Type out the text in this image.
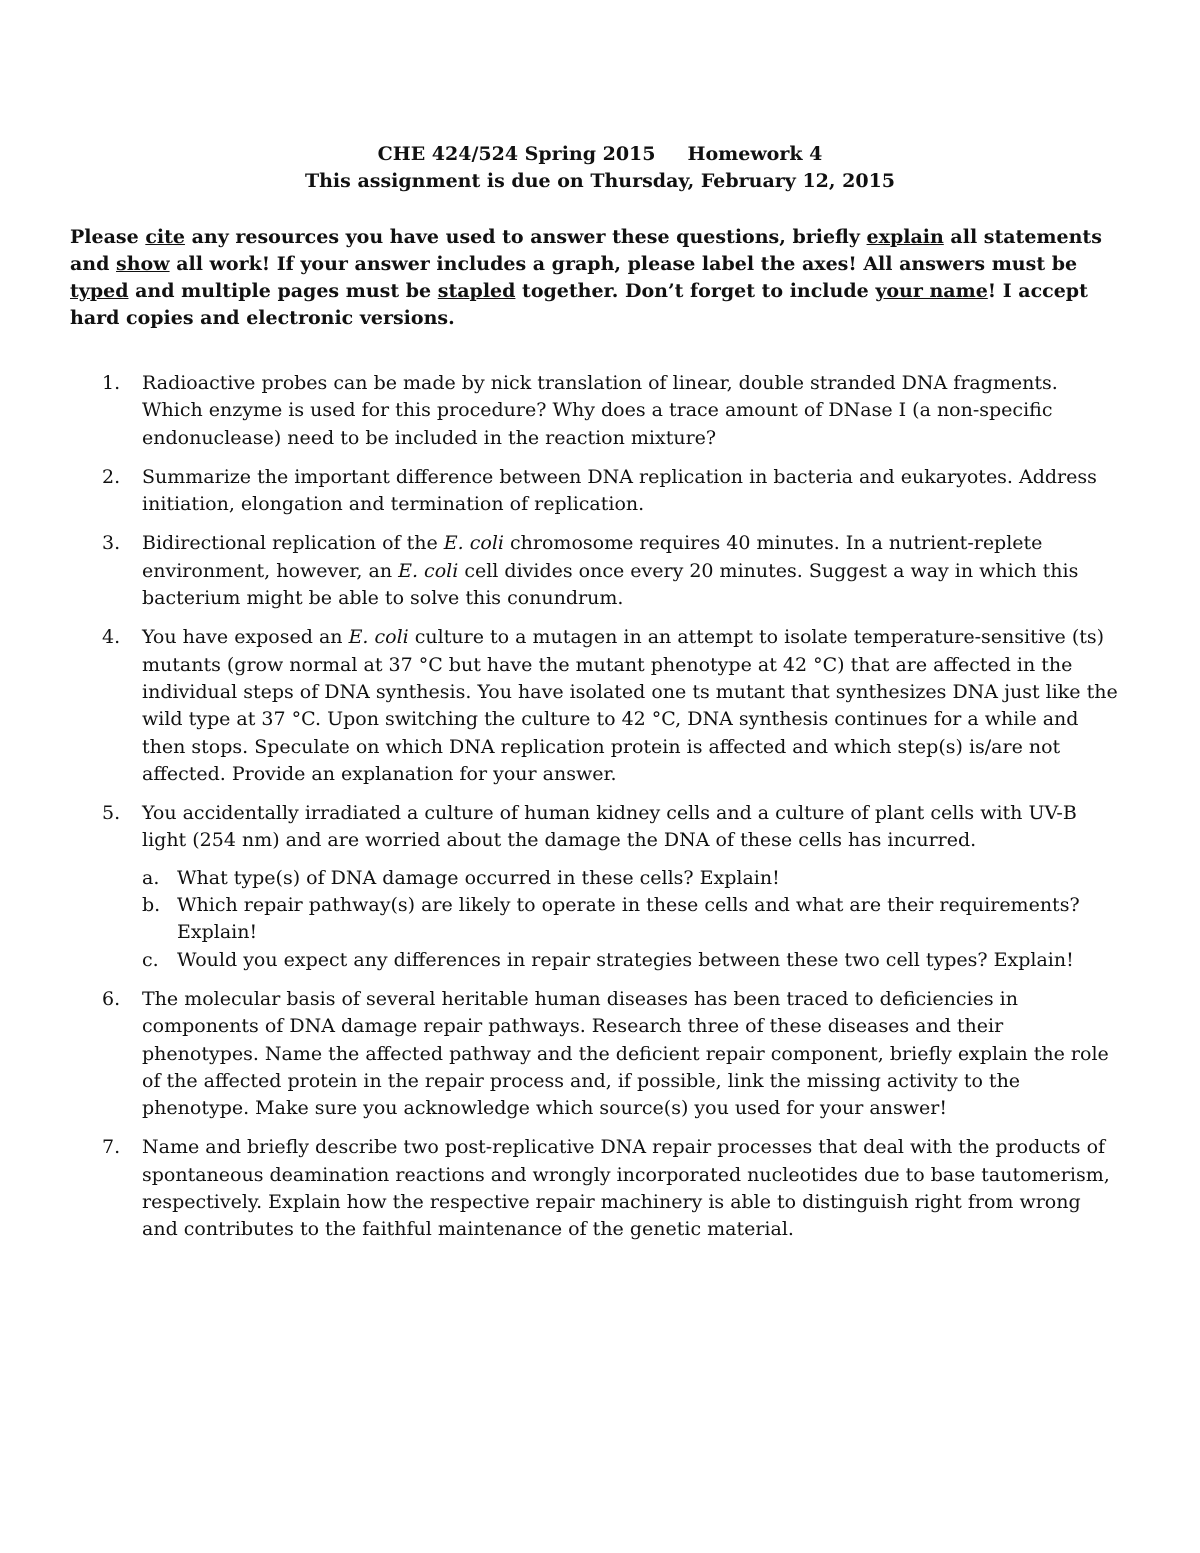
CHE 424/524 Spring 2015 Homework 4
This assignment is due on Thursday, February 12, 2015
Please cite any resources you have used to answer these questions, briefly explain all statements and show all work! If your answer includes a graph, please label the axes! All answers must be typed and multiple pages must be stapled together. Don’t forget to include your name! I accept hard copies and electronic versions.
1. Radioactive probes can be made by nick translation of linear, double stranded DNA fragments. Which enzyme is used for this procedure? Why does a trace amount of DNase I (a non-specific endonuclease) need to be included in the reaction mixture?
2. Summarize the important difference between DNA replication in bacteria and eukaryotes. Address initiation, elongation and termination of replication.
3. Bidirectional replication of the E. coli chromosome requires 40 minutes. In a nutrient-replete environment, however, an E. coli cell divides once every 20 minutes. Suggest a way in which this bacterium might be able to solve this conundrum.
4. You have exposed an E. coli culture to a mutagen in an attempt to isolate temperature-sensitive (ts) mutants (grow normal at 37 °C but have the mutant phenotype at 42 °C) that are affected in the individual steps of DNA synthesis. You have isolated one ts mutant that synthesizes DNA just like the wild type at 37 °C. Upon switching the culture to 42 °C, DNA synthesis continues for a while and then stops. Speculate on which DNA replication protein is affected and which step(s) is/are not affected. Provide an explanation for your answer.
5. You accidentally irradiated a culture of human kidney cells and a culture of plant cells with UV-B light (254 nm) and are worried about the damage the DNA of these cells has incurred.
a. What type(s) of DNA damage occurred in these cells? Explain!
b. Which repair pathway(s) are likely to operate in these cells and what are their requirements? Explain!
c. Would you expect any differences in repair strategies between these two cell types? Explain!
6. The molecular basis of several heritable human diseases has been traced to deficiencies in components of DNA damage repair pathways. Research three of these diseases and their phenotypes. Name the affected pathway and the deficient repair component, briefly explain the role of the affected protein in the repair process and, if possible, link the missing activity to the phenotype. Make sure you acknowledge which source(s) you used for your answer!
7. Name and briefly describe two post-replicative DNA repair processes that deal with the products of spontaneous deamination reactions and wrongly incorporated nucleotides due to base tautomerism, respectively. Explain how the respective repair machinery is able to distinguish right from wrong and contributes to the faithful maintenance of the genetic material.
